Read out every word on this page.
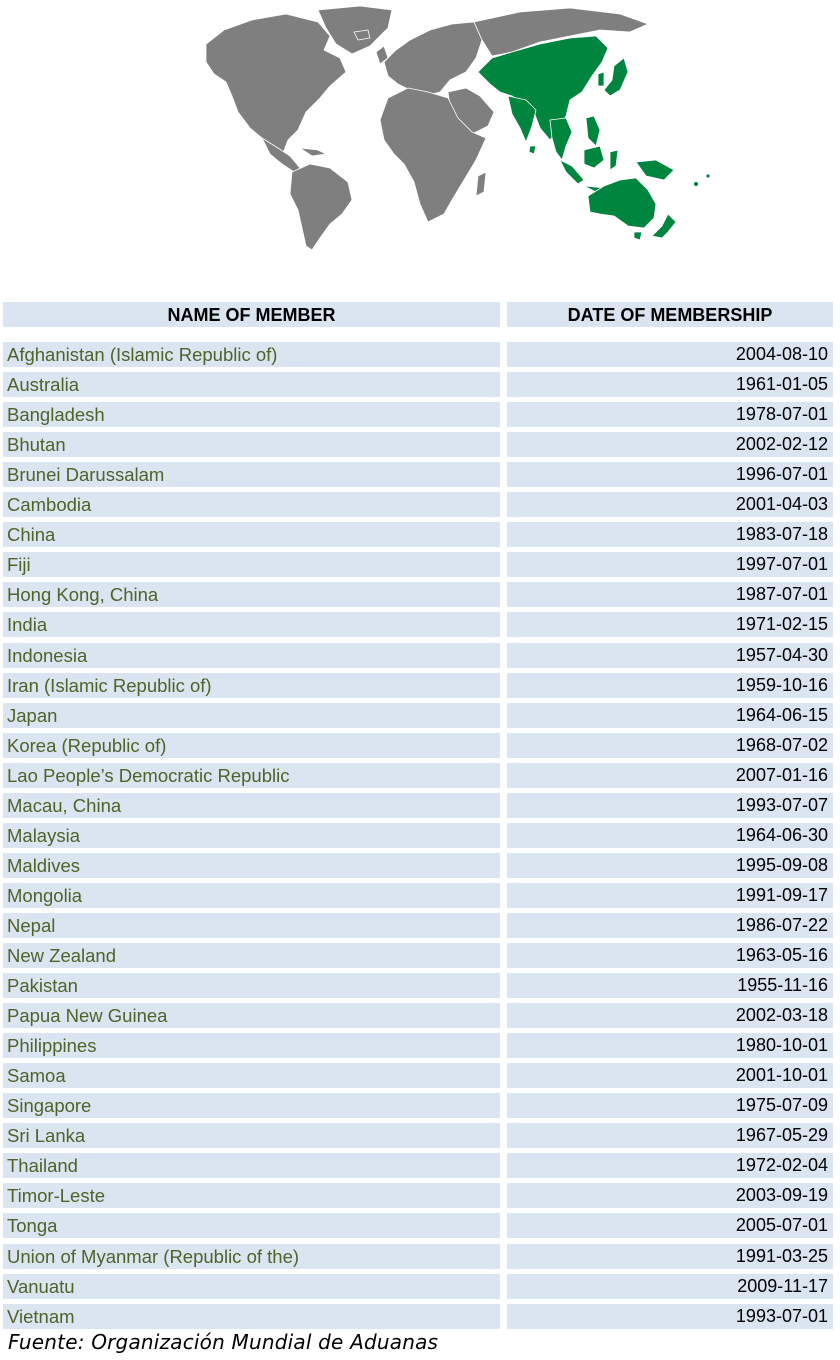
NAME OF MEMBER	DATE OF MEMBERSHIP
Afghanistan (Islamic Republic of)	2004-08-10
Australia	1961-01-05
Bangladesh	1978-07-01
Bhutan	2002-02-12
Brunei Darussalam	1996-07-01
Cambodia	2001-04-03
China	1983-07-18
Fiji	1997-07-01
Hong Kong, China	1987-07-01
India	1971-02-15
Indonesia	1957-04-30
Iran (Islamic Republic of)	1959-10-16
Japan	1964-06-15
Korea (Republic of)	1968-07-02
Lao People’s Democratic Republic	2007-01-16
Macau, China	1993-07-07
Malaysia	1964-06-30
Maldives	1995-09-08
Mongolia	1991-09-17
Nepal	1986-07-22
New Zealand	1963-05-16
Pakistan	1955-11-16
Papua New Guinea	2002-03-18
Philippines	1980-10-01
Samoa	2001-10-01
Singapore	1975-07-09
Sri Lanka	1967-05-29
Thailand	1972-02-04
Timor-Leste	2003-09-19
Tonga	2005-07-01
Union of Myanmar (Republic of the)	1991-03-25
Vanuatu	2009-11-17
Vietnam	1993-07-01
Fuente: Organización Mundial de Aduanas
